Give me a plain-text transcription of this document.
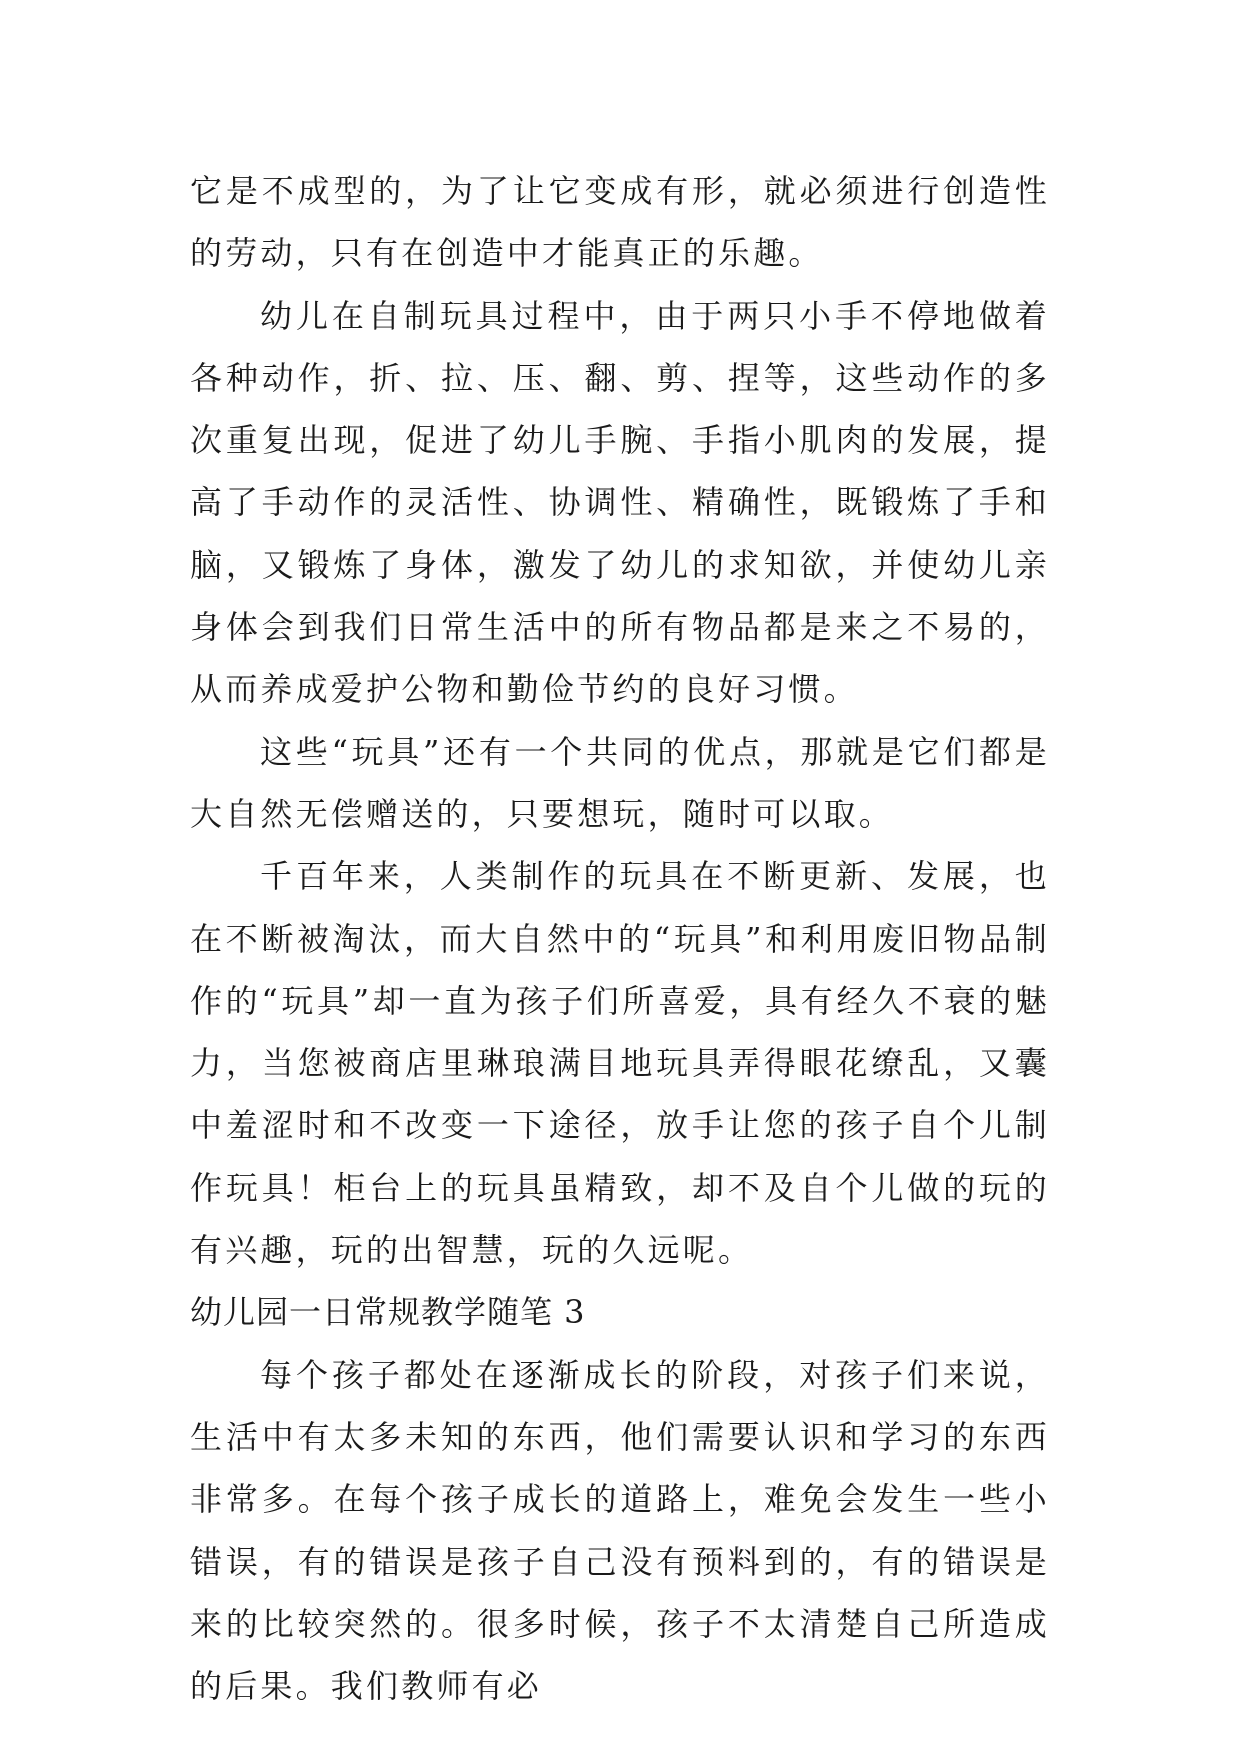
它是不成型的，为了让它变成有形，就必须进行创造性的劳动，只有在创造中才能真正的乐趣。

幼儿在自制玩具过程中，由于两只小手不停地做着各种动作，折、拉、压、翻、剪、捏等，这些动作的多次重复出现，促进了幼儿手腕、手指小肌肉的发展，提高了手动作的灵活性、协调性、精确性，既锻炼了手和脑，又锻炼了身体，激发了幼儿的求知欲，并使幼儿亲身体会到我们日常生活中的所有物品都是来之不易的，从而养成爱护公物和勤俭节约的良好习惯。

这些“玩具”还有一个共同的优点，那就是它们都是大自然无偿赠送的，只要想玩，随时可以取。

千百年来，人类制作的玩具在不断更新、发展，也在不断被淘汰，而大自然中的“玩具”和利用废旧物品制作的“玩具”却一直为孩子们所喜爱，具有经久不衰的魅力，当您被商店里琳琅满目地玩具弄得眼花缭乱，又囊中羞涩时和不改变一下途径，放手让您的孩子自个儿制作玩具！柜台上的玩具虽精致，却不及自个儿做的玩的有兴趣，玩的出智慧，玩的久远呢。

幼儿园一日常规教学随笔 3

每个孩子都处在逐渐成长的阶段，对孩子们来说，生活中有太多未知的东西，他们需要认识和学习的东西非常多。在每个孩子成长的道路上，难免会发生一些小错误，有的错误是孩子自己没有预料到的，有的错误是来的比较突然的。很多时候，孩子不太清楚自己所造成的后果。我们教师有必
